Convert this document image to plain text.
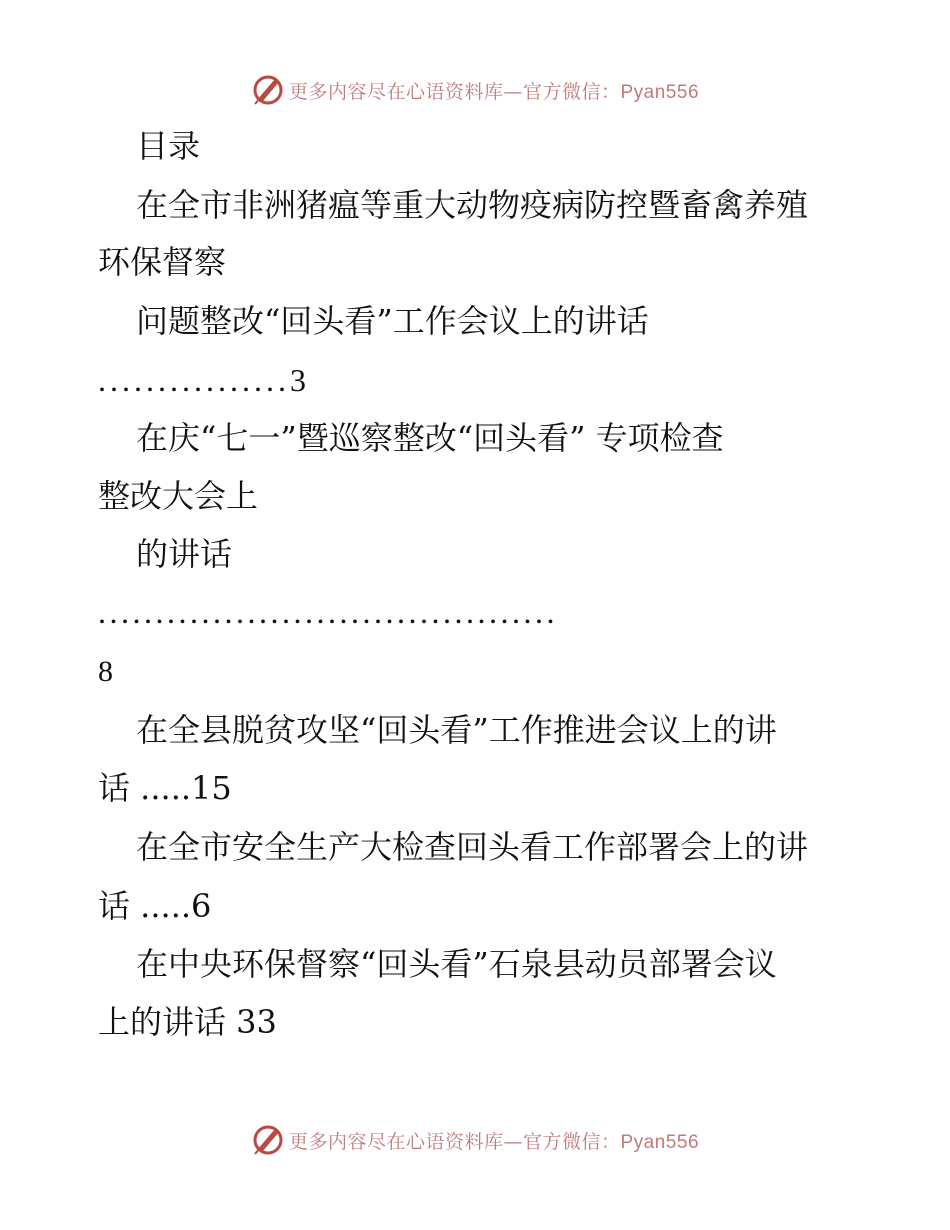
更多内容尽在心语资料库—官方微信：Pyan556
目录
在全市非洲猪瘟等重大动物疫病防控暨畜禽养殖
环保督察
问题整改“回头看”工作会议上的讲话
................3
在庆“七一”暨巡察整改“回头看” 专项检查
整改大会上
的讲话
........................................
8
在全县脱贫攻坚“回头看”工作推进会议上的讲
话 .....15
在全市安全生产大检查回头看工作部署会上的讲
话 .....6
在中央环保督察“回头看”石泉县动员部署会议
上的讲话 33
更多内容尽在心语资料库—官方微信：Pyan556
